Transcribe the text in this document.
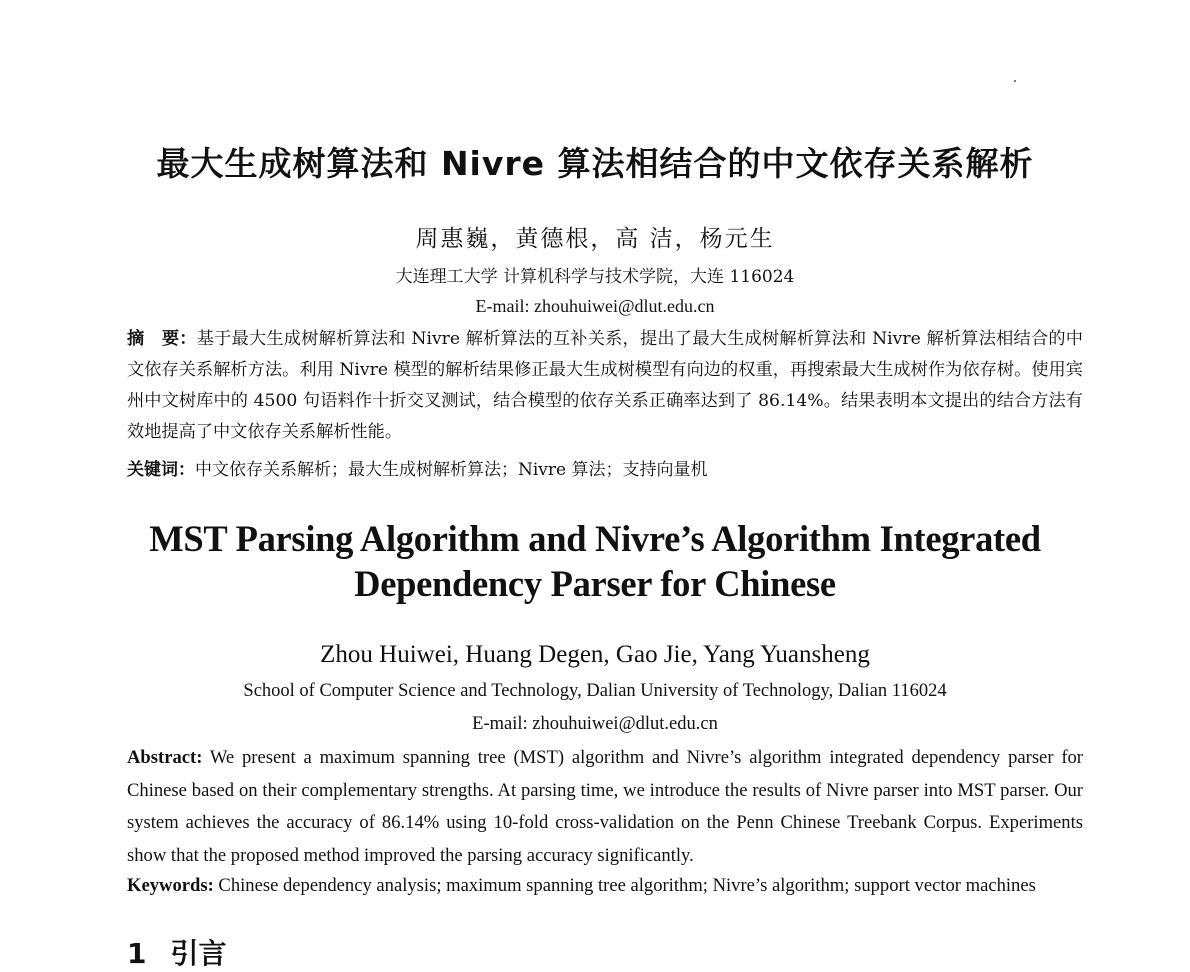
最大生成树算法和 Nivre 算法相结合的中文依存关系解析
周惠巍，黄德根，高 洁，杨元生
大连理工大学 计算机科学与技术学院，大连 116024
E-mail: zhouhuiwei@dlut.edu.cn
摘　要：基于最大生成树解析算法和 Nivre 解析算法的互补关系，提出了最大生成树解析算法和 Nivre 解析算法相结合的中文依存关系解析方法。利用 Nivre 模型的解析结果修正最大生成树模型有向边的权重，再搜索最大生成树作为依存树。使用宾州中文树库中的 4500 句语料作十折交叉测试，结合模型的依存关系正确率达到了 86.14%。结果表明本文提出的结合方法有效地提高了中文依存关系解析性能。
关键词：中文依存关系解析；最大生成树解析算法；Nivre 算法；支持向量机
MST Parsing Algorithm and Nivre’s Algorithm Integrated
Dependency Parser for Chinese
Zhou Huiwei, Huang Degen, Gao Jie, Yang Yuansheng
School of Computer Science and Technology, Dalian University of Technology, Dalian 116024
E-mail: zhouhuiwei@dlut.edu.cn
Abstract: We present a maximum spanning tree (MST) algorithm and Nivre’s algorithm integrated dependency parser for Chinese based on their complementary strengths. At parsing time, we introduce the results of Nivre parser into MST parser. Our system achieves the accuracy of 86.14% using 10-fold cross-validation on the Penn Chinese Treebank Corpus. Experiments show that the proposed method improved the parsing accuracy significantly.
Keywords: Chinese dependency analysis; maximum spanning tree algorithm; Nivre’s algorithm; support vector machines
1 引言
